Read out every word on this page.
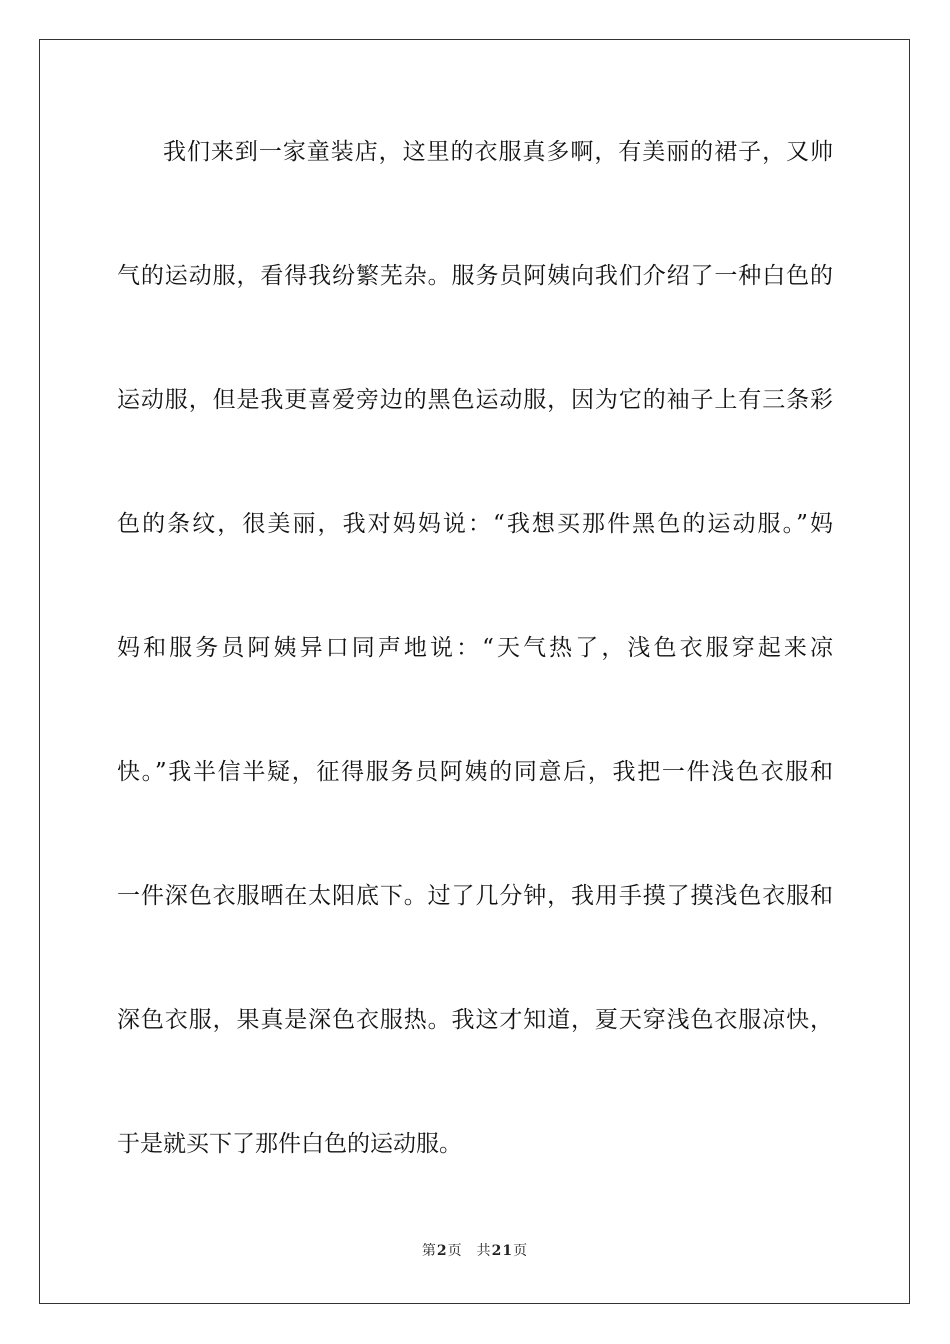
我们来到一家童装店，这里的衣服真多啊，有美丽的裙子，又帅
气的运动服，看得我纷繁芜杂。服务员阿姨向我们介绍了一种白色的
运动服，但是我更喜爱旁边的黑色运动服，因为它的袖子上有三条彩
色的条纹，很美丽，我对妈妈说：“我想买那件黑色的运动服。”妈
妈和服务员阿姨异口同声地说：“天气热了，浅色衣服穿起来凉
快。”我半信半疑，征得服务员阿姨的同意后，我把一件浅色衣服和
一件深色衣服晒在太阳底下。过了几分钟，我用手摸了摸浅色衣服和
深色衣服，果真是深色衣服热。我这才知道，夏天穿浅色衣服凉快，
于是就买下了那件白色的运动服。
第2页 共21页
